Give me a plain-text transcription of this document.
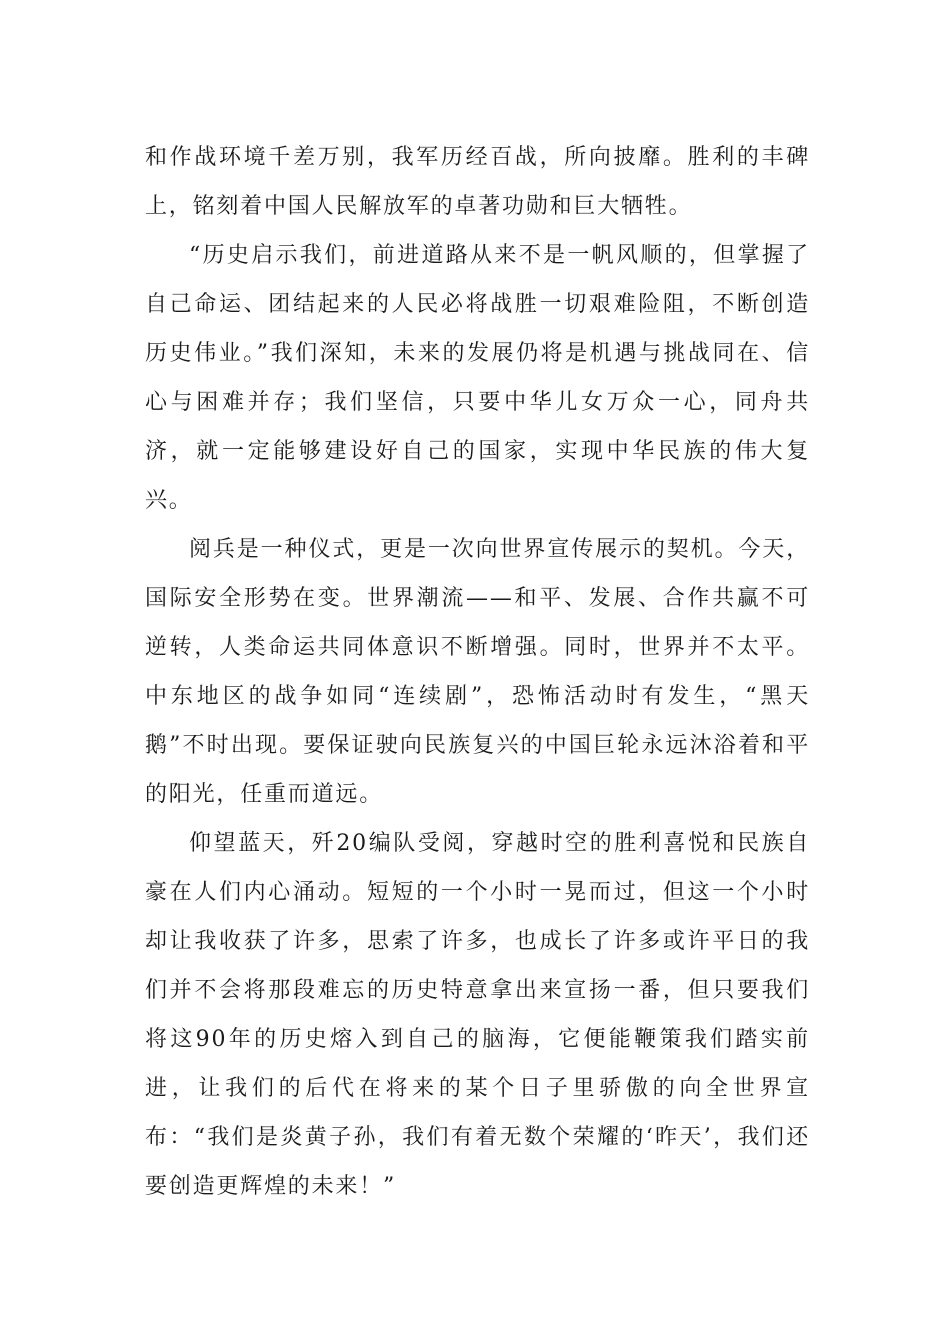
和作战环境千差万别，我军历经百战，所向披靡。胜利的丰碑上，铭刻着中国人民解放军的卓著功勋和巨大牺牲。

“历史启示我们，前进道路从来不是一帆风顺的，但掌握了自己命运、团结起来的人民必将战胜一切艰难险阻，不断创造历史伟业。”我们深知，未来的发展仍将是机遇与挑战同在、信心与困难并存；我们坚信，只要中华儿女万众一心，同舟共济，就一定能够建设好自己的国家，实现中华民族的伟大复兴。

阅兵是一种仪式，更是一次向世界宣传展示的契机。今天，国际安全形势在变。世界潮流——和平、发展、合作共赢不可逆转，人类命运共同体意识不断增强。同时，世界并不太平。中东地区的战争如同“连续剧”，恐怖活动时有发生，“黑天鹅”不时出现。要保证驶向民族复兴的中国巨轮永远沐浴着和平的阳光，任重而道远。

仰望蓝天，歼20编队受阅，穿越时空的胜利喜悦和民族自豪在人们内心涌动。短短的一个小时一晃而过，但这一个小时却让我收获了许多，思索了许多，也成长了许多或许平日的我们并不会将那段难忘的历史特意拿出来宣扬一番，但只要我们将这90年的历史熔入到自己的脑海，它便能鞭策我们踏实前进，让我们的后代在将来的某个日子里骄傲的向全世界宣布：“我们是炎黄子孙，我们有着无数个荣耀的‘昨天’，我们还要创造更辉煌的未来！”
